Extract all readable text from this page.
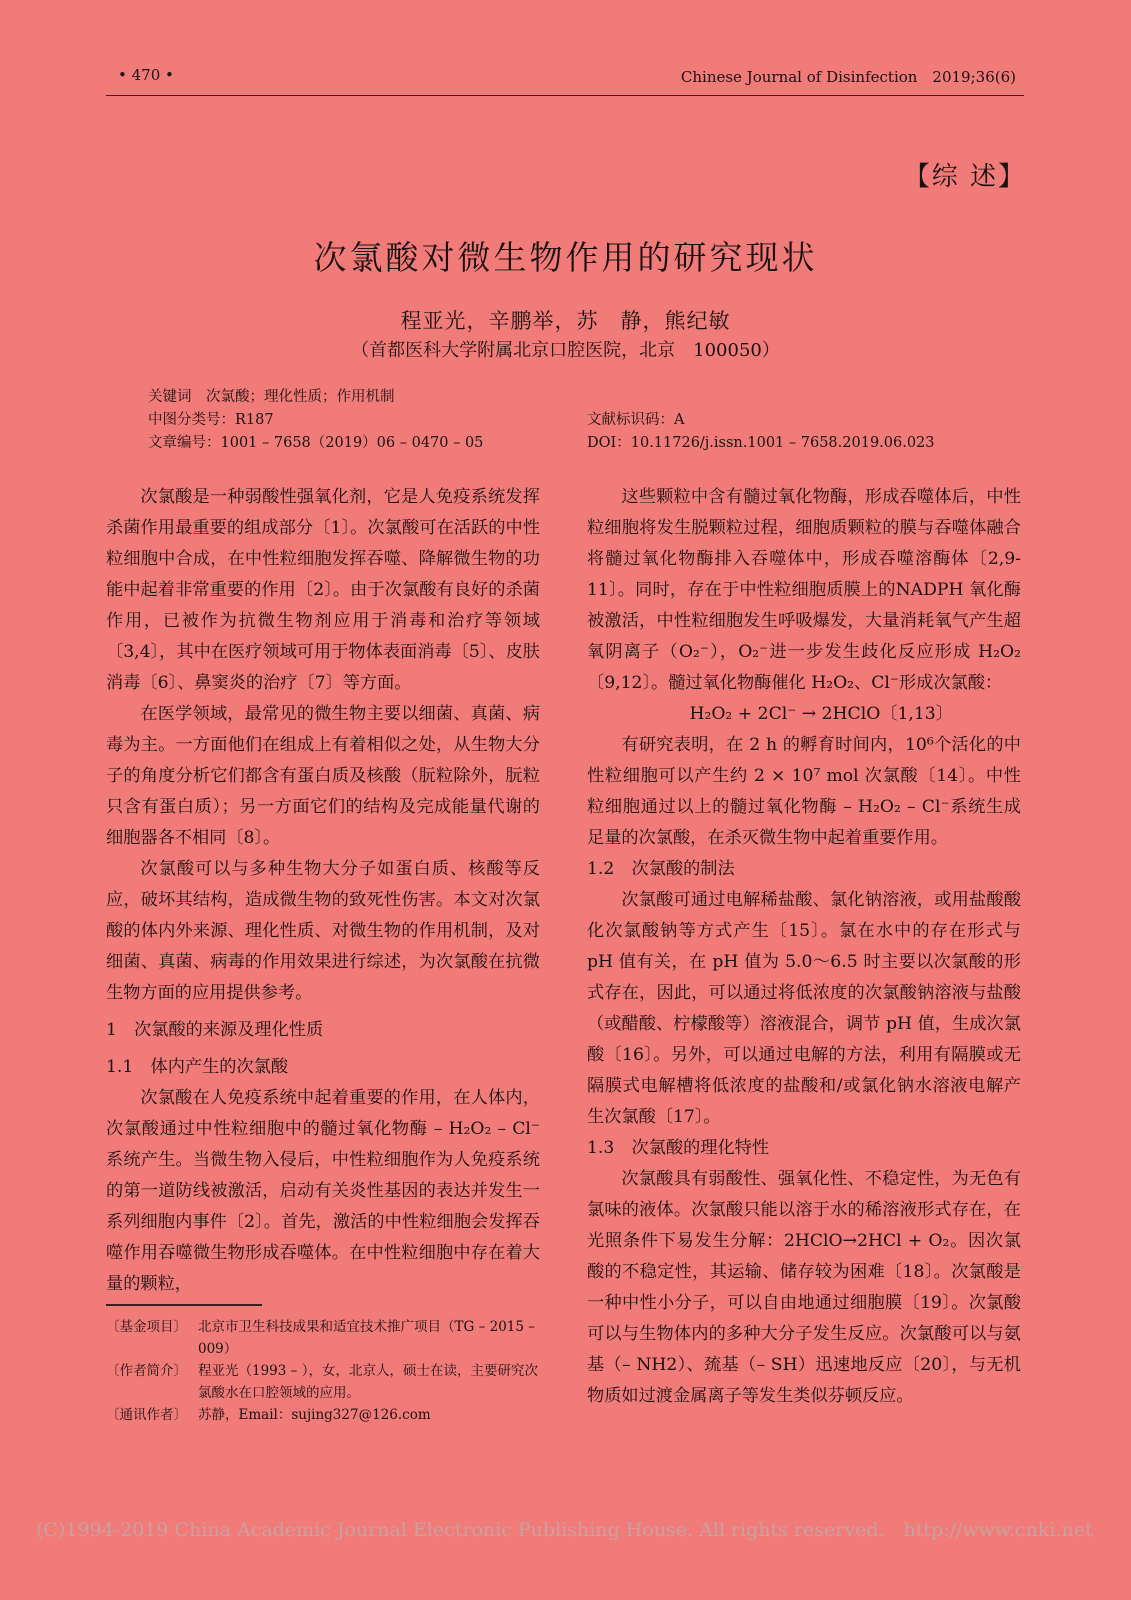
• 470 •	Chinese Journal of Disinfection　2019;36(6)
【综 述】
次氯酸对微生物作用的研究现状
程亚光，辛鹏举，苏　静，熊纪敏
（首都医科大学附属北京口腔医院，北京　100050）
关键词　次氯酸；理化性质；作用机制
中图分类号：R187
文章编号：1001 – 7658（2019）06 – 0470 – 05
文献标识码：A
DOI：10.11726/j.issn.1001 – 7658.2019.06.023

次氯酸是一种弱酸性强氧化剂，它是人免疫系统发挥杀菌作用最重要的组成部分〔1〕。次氯酸可在活跃的中性粒细胞中合成，在中性粒细胞发挥吞噬、降解微生物的功能中起着非常重要的作用〔2〕。由于次氯酸有良好的杀菌作用，已被作为抗微生物剂应用于消毒和治疗等领域〔3,4〕，其中在医疗领域可用于物体表面消毒〔5〕、皮肤消毒〔6〕、鼻窦炎的治疗〔7〕等方面。

在医学领域，最常见的微生物主要以细菌、真菌、病毒为主。一方面他们在组成上有着相似之处，从生物大分子的角度分析它们都含有蛋白质及核酸（朊粒除外，朊粒只含有蛋白质）；另一方面它们的结构及完成能量代谢的细胞器各不相同〔8〕。

次氯酸可以与多种生物大分子如蛋白质、核酸等反应，破坏其结构，造成微生物的致死性伤害。本文对次氯酸的体内外来源、理化性质、对微生物的作用机制，及对细菌、真菌、病毒的作用效果进行综述，为次氯酸在抗微生物方面的应用提供参考。

1　次氯酸的来源及理化性质

1.1　体内产生的次氯酸

次氯酸在人免疫系统中起着重要的作用，在人体内，次氯酸通过中性粒细胞中的髓过氧化物酶 – H₂O₂ – Cl⁻系统产生。当微生物入侵后，中性粒细胞作为人免疫系统的第一道防线被激活，启动有关炎性基因的表达并发生一系列细胞内事件〔2〕。首先，激活的中性粒细胞会发挥吞噬作用吞噬微生物形成吞噬体。在中性粒细胞中存在着大量的颗粒，

这些颗粒中含有髓过氧化物酶，形成吞噬体后，中性粒细胞将发生脱颗粒过程，细胞质颗粒的膜与吞噬体融合将髓过氧化物酶排入吞噬体中，形成吞噬溶酶体〔2,9-11〕。同时，存在于中性粒细胞质膜上的NADPH 氧化酶被激活，中性粒细胞发生呼吸爆发，大量消耗氧气产生超氧阴离子（O₂⁻），O₂⁻进一步发生歧化反应形成 H₂O₂〔9,12〕。髓过氧化物酶催化 H₂O₂、Cl⁻形成次氯酸：

H₂O₂ + 2Cl⁻ → 2HClO〔1,13〕

有研究表明，在 2 h 的孵育时间内，10⁶个活化的中性粒细胞可以产生约 2 × 10⁷ mol 次氯酸〔14〕。中性粒细胞通过以上的髓过氧化物酶 – H₂O₂ – Cl⁻系统生成足量的次氯酸，在杀灭微生物中起着重要作用。

1.2　次氯酸的制法

次氯酸可通过电解稀盐酸、氯化钠溶液，或用盐酸酸化次氯酸钠等方式产生〔15〕。氯在水中的存在形式与 pH 值有关，在 pH 值为 5.0～6.5 时主要以次氯酸的形式存在，因此，可以通过将低浓度的次氯酸钠溶液与盐酸（或醋酸、柠檬酸等）溶液混合，调节 pH 值，生成次氯酸〔16〕。另外，可以通过电解的方法，利用有隔膜或无隔膜式电解槽将低浓度的盐酸和/或氯化钠水溶液电解产生次氯酸〔17〕。

1.3　次氯酸的理化特性

次氯酸具有弱酸性、强氧化性、不稳定性，为无色有氯味的液体。次氯酸只能以溶于水的稀溶液形式存在，在光照条件下易发生分解：2HClO→2HCl + O₂。因次氯酸的不稳定性，其运输、储存较为困难〔18〕。次氯酸是一种中性小分子，可以自由地通过细胞膜〔19〕。次氯酸可以与生物体内的多种大分子发生反应。次氯酸可以与氨基（– NH2）、巯基（– SH）迅速地反应〔20〕，与无机物质如过渡金属离子等发生类似芬顿反应。

〔基金项目〕 北京市卫生科技成果和适宜技术推广项目（TG – 2015 – 009）
〔作者简介〕 程亚光（1993 – ），女，北京人，硕士在读，主要研究次氯酸水在口腔领域的应用。
〔通讯作者〕 苏静，Email：sujing327@126.com
(C)1994-2019 China Academic Journal Electronic Publishing House. All rights reserved.　http://www.cnki.net
